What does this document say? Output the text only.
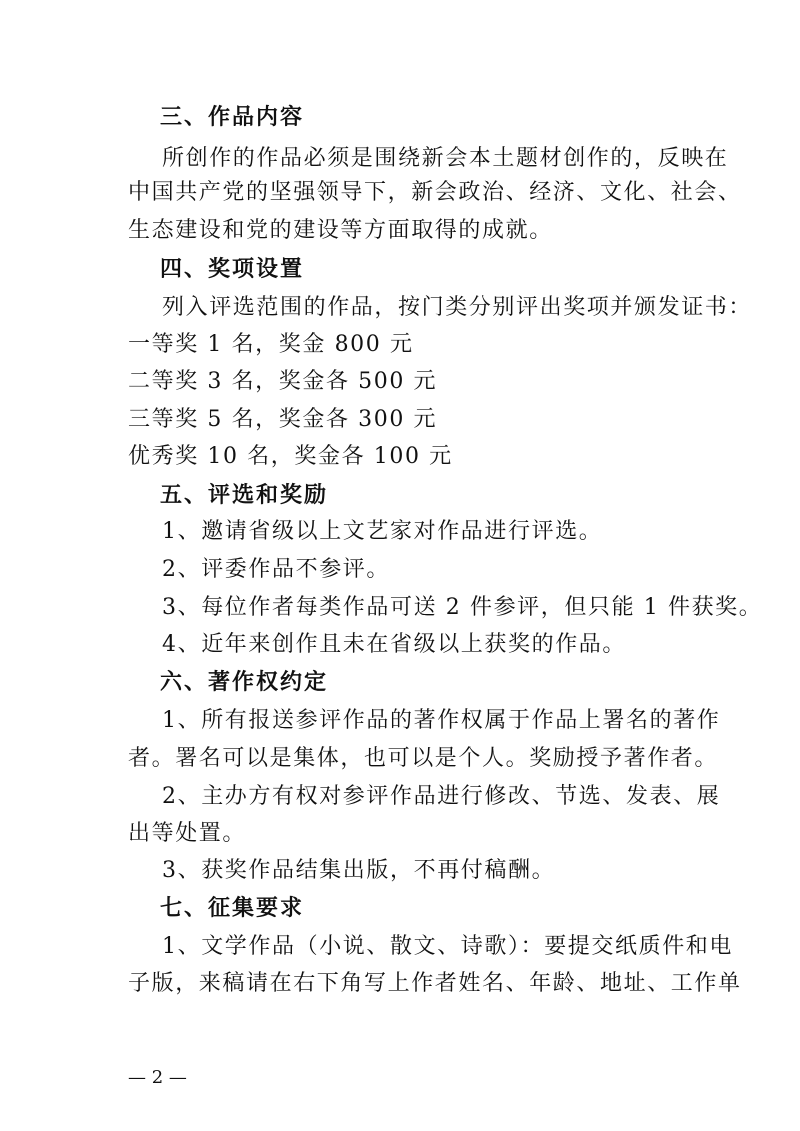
三、作品内容
所创作的作品必须是围绕新会本土题材创作的，反映在
中国共产党的坚强领导下，新会政治、经济、文化、社会、
生态建设和党的建设等方面取得的成就。
四、奖项设置
列入评选范围的作品，按门类分别评出奖项并颁发证书：
一等奖 1 名，奖金 800 元
二等奖 3 名，奖金各 500 元
三等奖 5 名，奖金各 300 元
优秀奖 10 名，奖金各 100 元
五、评选和奖励
1、邀请省级以上文艺家对作品进行评选。
2、评委作品不参评。
3、每位作者每类作品可送 2 件参评，但只能 1 件获奖。
4、近年来创作且未在省级以上获奖的作品。
六、著作权约定
1、所有报送参评作品的著作权属于作品上署名的著作
者。署名可以是集体，也可以是个人。奖励授予著作者。
2、主办方有权对参评作品进行修改、节选、发表、展
出等处置。
3、获奖作品结集出版，不再付稿酬。
七、征集要求
1、文学作品（小说、散文、诗歌）：要提交纸质件和电
子版，来稿请在右下角写上作者姓名、年龄、地址、工作单
— 2 —
